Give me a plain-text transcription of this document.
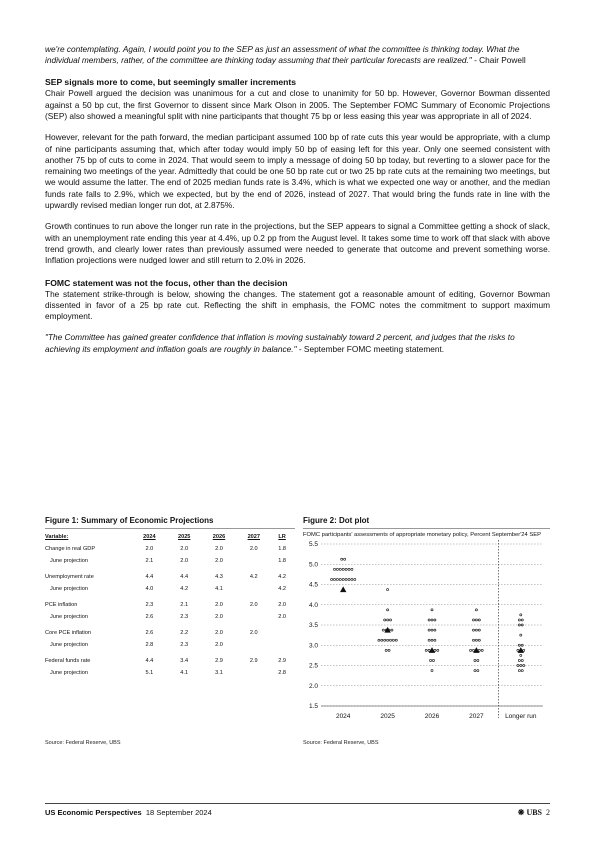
we're contemplating. Again, I would point you to the SEP as just an assessment of what the committee is thinking today. What the individual members, rather, of the committee are thinking today assuming that their particular forecasts are realized." - Chair Powell

SEP signals more to come, but seemingly smaller increments

Chair Powell argued the decision was unanimous for a cut and close to unanimity for 50 bp. However, Governor Bowman dissented against a 50 bp cut, the first Governor to dissent since Mark Olson in 2005. The September FOMC Summary of Economic Projections (SEP) also showed a meaningful split with nine participants that thought 75 bp or less easing this year was appropriate in all of 2024.

However, relevant for the path forward, the median participant assumed 100 bp of rate cuts this year would be appropriate, with a clump of nine participants assuming that, which after today would imply 50 bp of easing left for this year. Only one seemed consistent with another 75 bp of cuts to come in 2024. That would seem to imply a message of doing 50 bp today, but reverting to a slower pace for the remaining two meetings of the year. Admittedly that could be one 50 bp rate cut or two 25 bp rate cuts at the remaining two meetings, but we would assume the latter. The end of 2025 median funds rate is 3.4%, which is what we expected one way or another, and the median funds rate falls to 2.9%, which we expected, but by the end of 2026, instead of 2027. That would bring the funds rate in line with the upwardly revised median longer run dot, at 2.875%.

Growth continues to run above the longer run rate in the projections, but the SEP appears to signal a Committee getting a shock of slack, with an unemployment rate ending this year at 4.4%, up 0.2 pp from the August level. It takes some time to work off that slack with above trend growth, and clearly lower rates than previously assumed were needed to generate that outcome and prevent something worse. Inflation projections were nudged lower and still return to 2.0% in 2026.

FOMC statement was not the focus, other than the decision

The statement strike-through is below, showing the changes. The statement got a reasonable amount of editing, Governor Bowman dissented in favor of a 25 bp rate cut. Reflecting the shift in emphasis, the FOMC notes the commitment to support maximum employment.

"The Committee has gained greater confidence that inflation is moving sustainably toward 2 percent, and judges that the risks to achieving its employment and inflation goals are roughly in balance." - September FOMC meeting statement.

Figure 1: Summary of Economic Projections
Variable:	2024	2025	2026	2027	LR
Change in real GDP	2.0	2.0	2.0	2.0	1.8
June projection	2.1	2.0	2.0		1.8
Unemployment rate	4.4	4.4	4.3	4.2	4.2
June projection	4.0	4.2	4.1		4.2
PCE inflation	2.3	2.1	2.0	2.0	2.0
June projection	2.6	2.3	2.0		2.0
Core PCE inflation	2.6	2.2	2.0	2.0	
June projection	2.8	2.3	2.0		
Federal funds rate	4.4	3.4	2.9	2.9	2.9
June projection	5.1	4.1	3.1		2.8
Source: Federal Reserve, UBS
Figure 2: Dot plot
FOMC participants' assessments of appropriate monetary policy, Percent September'24 SEP
1.5
2.0
2.5
3.0
3.5
4.0
4.5
5.0
5.5
2024	2025	2026	2027	Longer run
Source: Federal Reserve, UBS
US Economic Perspectives 18 September 2024	❋ UBS 2
